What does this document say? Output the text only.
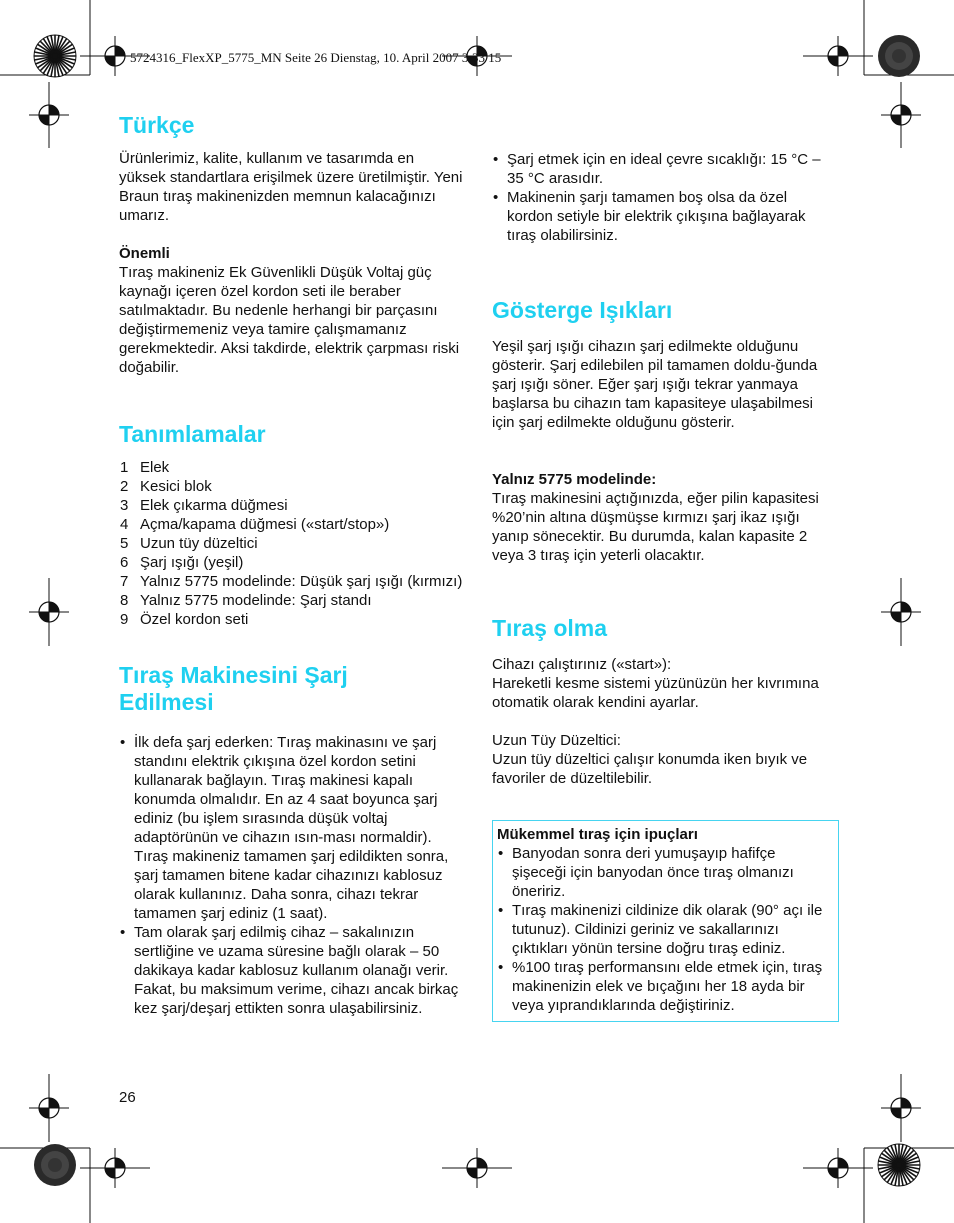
5724316_FlexXP_5775_MN Seite 26 Dienstag, 10. April 2007 3:33 15
Türkçe

Ürünlerimiz, kalite, kullanım ve tasarımda en yüksek standartlara erişilmek üzere üretilmiştir. Yeni Braun tıraş makinenizden memnun kalacağınızı umarız.

Önemli

Tıraş makineniz Ek Güvenlikli Düşük Voltaj güç kaynağı içeren özel kordon seti ile beraber satılmaktadır. Bu nedenle herhangi bir parçasını değiştirmemeniz veya tamire çalışmamanız gerekmektedir. Aksi takdirde, elektrik çarpması riski doğabilir.

Tanımlamalar
1 Elek
2 Kesici blok
3 Elek çıkarma düğmesi
4 Açma/kapama düğmesi («start/stop»)
5 Uzun tüy düzeltici
6 Şarj ışığı (yeşil)
7 Yalnız 5775 modelinde: Düşük şarj ışığı (kırmızı)
8 Yalnız 5775 modelinde: Şarj standı
9 Özel kordon seti
Tıraş Makinesini Şarj Edilmesi
• İlk defa şarj ederken: Tıraş makinasını ve şarj standını elektrik çıkışına özel kordon setini kullanarak bağlayın. Tıraş makinesi kapalı konumda olmalıdır. En az 4 saat boyunca şarj ediniz (bu işlem sırasında düşük voltaj adaptörünün ve cihazın ısın-ması normaldir). Tıraş makineniz tamamen şarj edildikten sonra, şarj tamamen bitene kadar cihazınızı kablosuz olarak kullanınız. Daha sonra, cihazı tekrar tamamen şarj ediniz (1 saat).
• Tam olarak şarj edilmiş cihaz – sakalınızın sertliğine ve uzama süresine bağlı olarak – 50 dakikaya kadar kablosuz kullanım olanağı verir. Fakat, bu maksimum verime, cihazı ancak birkaç kez şarj/deşarj ettikten sonra ulaşabilirsiniz.
26
• Şarj etmek için en ideal çevre sıcaklığı: 15 °C – 35 °C arasıdır.
• Makinenin şarjı tamamen boş olsa da özel kordon setiyle bir elektrik çıkışına bağlayarak tıraş olabilirsiniz.
Gösterge Işıkları

Yeşil şarj ışığı cihazın şarj edilmekte olduğunu gösterir. Şarj edilebilen pil tamamen doldu-ğunda şarj ışığı söner. Eğer şarj ışığı tekrar yanmaya başlarsa bu cihazın tam kapasiteye ulaşabilmesi için şarj edilmekte olduğunu gösterir.

Yalnız 5775 modelinde:

Tıraş makinesini açtığınızda, eğer pilin kapasitesi %20’nin altına düşmüşse kırmızı şarj ikaz ışığı yanıp sönecektir. Bu durumda, kalan kapasite 2 veya 3 tıraş için yeterli olacaktır.

Tıraş olma

Cihazı çalıştırınız («start»):

Hareketli kesme sistemi yüzünüzün her kıvrımına otomatik olarak kendini ayarlar.

Uzun Tüy Düzeltici:

Uzun tüy düzeltici çalışır konumda iken bıyık ve favoriler de düzeltilebilir.

Mükemmel tıraş için ipuçları

• Banyodan sonra deri yumuşayıp hafifçe şişeceği için banyodan önce tıraş olmanızı öneririz.
• Tıraş makinenizi cildinize dik olarak (90° açı ile tutunuz). Cildinizi geriniz ve sakallarınızı çıktıkları yönün tersine doğru tıraş ediniz.
• %100 tıraş performansını elde etmek için, tıraş makinenizin elek ve bıçağını her 18 ayda bir veya yıprandıklarında değiştiriniz.
